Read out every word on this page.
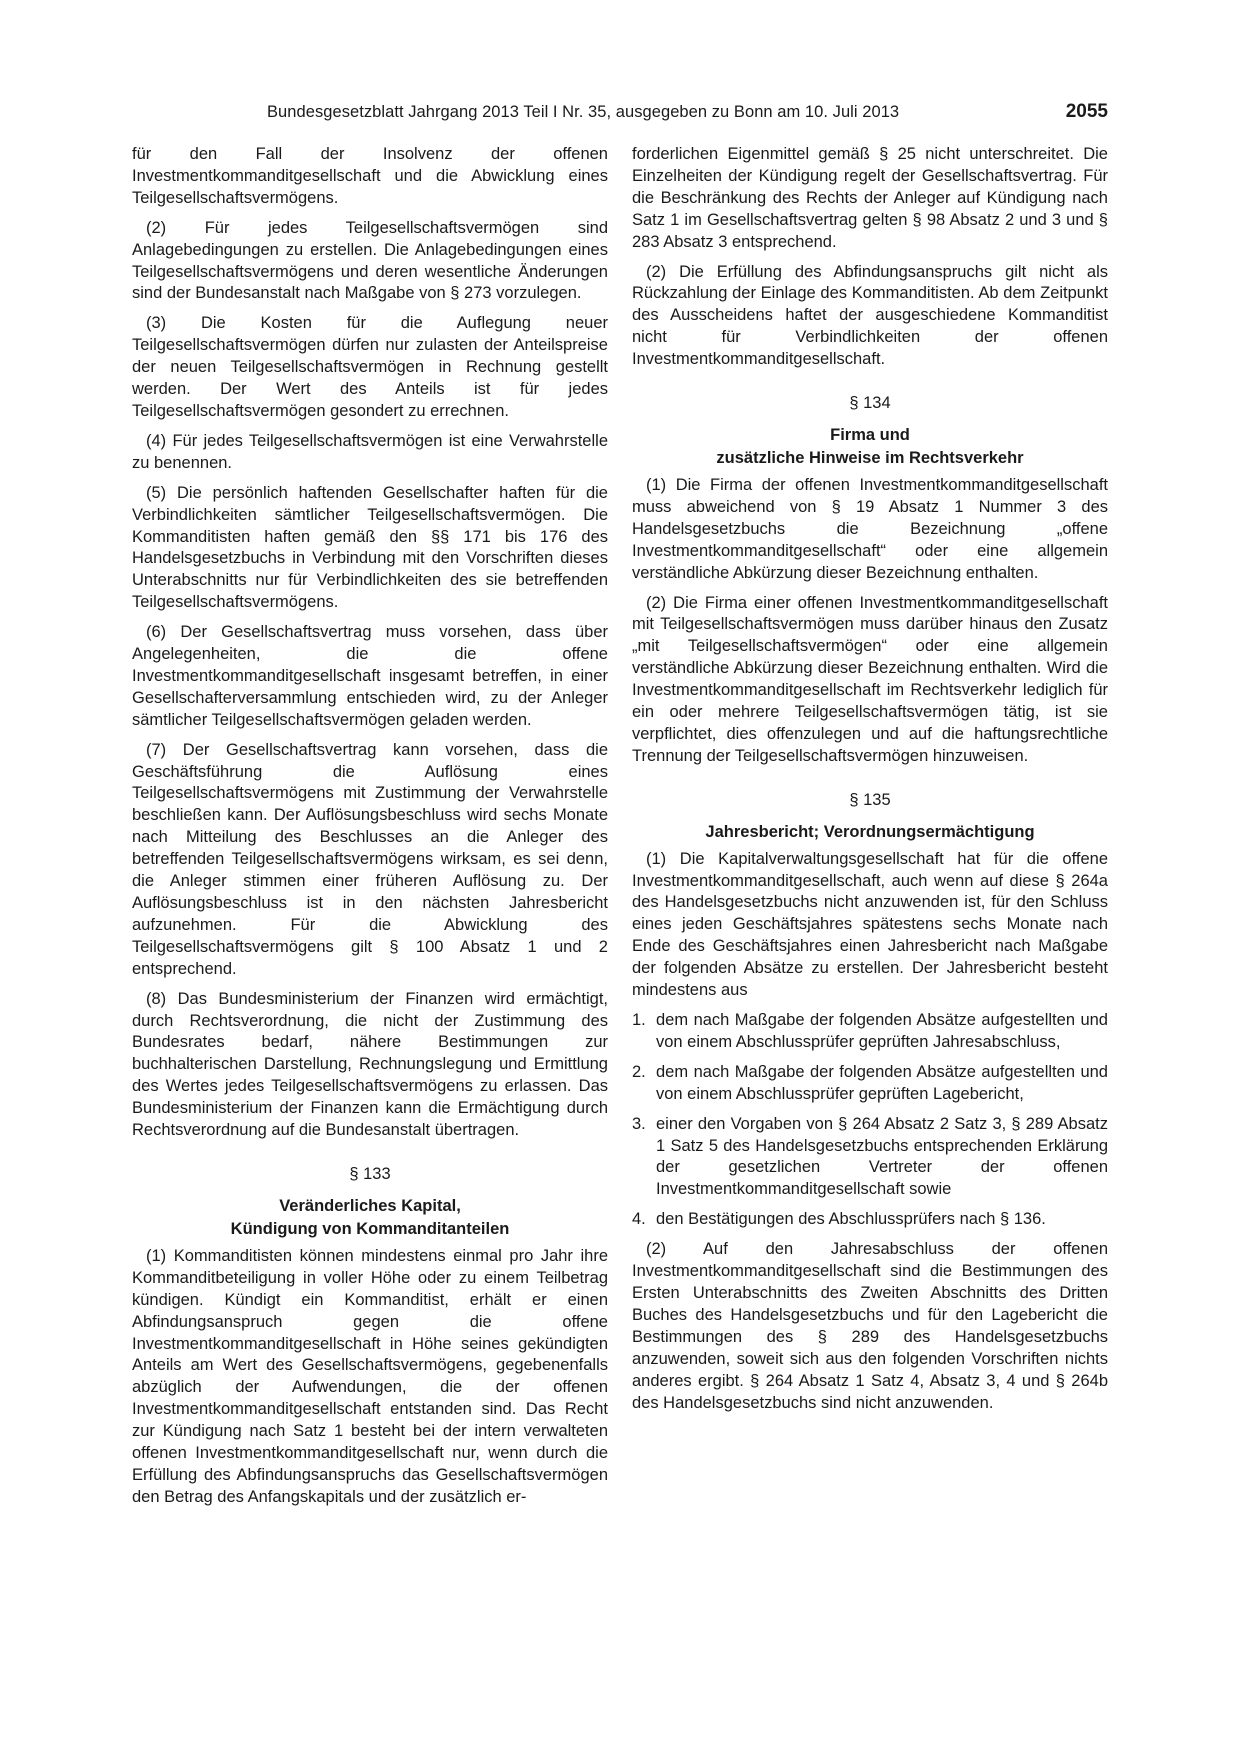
Bundesgesetzblatt Jahrgang 2013 Teil I Nr. 35, ausgegeben zu Bonn am 10. Juli 2013	2055

für den Fall der Insolvenz der offenen Investmentkommanditgesellschaft und die Abwicklung eines Teilgesellschaftsvermögens.

(2) Für jedes Teilgesellschaftsvermögen sind Anlagebedingungen zu erstellen. Die Anlagebedingungen eines Teilgesellschaftsvermögens und deren wesentliche Änderungen sind der Bundesanstalt nach Maßgabe von § 273 vorzulegen.

(3) Die Kosten für die Auflegung neuer Teilgesellschaftsvermögen dürfen nur zulasten der Anteilspreise der neuen Teilgesellschaftsvermögen in Rechnung gestellt werden. Der Wert des Anteils ist für jedes Teilgesellschaftsvermögen gesondert zu errechnen.

(4) Für jedes Teilgesellschaftsvermögen ist eine Verwahrstelle zu benennen.

(5) Die persönlich haftenden Gesellschafter haften für die Verbindlichkeiten sämtlicher Teilgesellschaftsvermögen. Die Kommanditisten haften gemäß den §§ 171 bis 176 des Handelsgesetzbuchs in Verbindung mit den Vorschriften dieses Unterabschnitts nur für Verbindlichkeiten des sie betreffenden Teilgesellschaftsvermögens.

(6) Der Gesellschaftsvertrag muss vorsehen, dass über Angelegenheiten, die die offene Investmentkommanditgesellschaft insgesamt betreffen, in einer Gesellschafterversammlung entschieden wird, zu der Anleger sämtlicher Teilgesellschaftsvermögen geladen werden.

(7) Der Gesellschaftsvertrag kann vorsehen, dass die Geschäftsführung die Auflösung eines Teilgesellschaftsvermögens mit Zustimmung der Verwahrstelle beschließen kann. Der Auflösungsbeschluss wird sechs Monate nach Mitteilung des Beschlusses an die Anleger des betreffenden Teilgesellschaftsvermögens wirksam, es sei denn, die Anleger stimmen einer früheren Auflösung zu. Der Auflösungsbeschluss ist in den nächsten Jahresbericht aufzunehmen. Für die Abwicklung des Teilgesellschaftsvermögens gilt § 100 Absatz 1 und 2 entsprechend.

(8) Das Bundesministerium der Finanzen wird ermächtigt, durch Rechtsverordnung, die nicht der Zustimmung des Bundesrates bedarf, nähere Bestimmungen zur buchhalterischen Darstellung, Rechnungslegung und Ermittlung des Wertes jedes Teilgesellschaftsvermögens zu erlassen. Das Bundesministerium der Finanzen kann die Ermächtigung durch Rechtsverordnung auf die Bundesanstalt übertragen.

§ 133
Veränderliches Kapital,
Kündigung von Kommanditanteilen

(1) Kommanditisten können mindestens einmal pro Jahr ihre Kommanditbeteiligung in voller Höhe oder zu einem Teilbetrag kündigen. Kündigt ein Kommanditist, erhält er einen Abfindungsanspruch gegen die offene Investmentkommanditgesellschaft in Höhe seines gekündigten Anteils am Wert des Gesellschaftsvermögens, gegebenenfalls abzüglich der Aufwendungen, die der offenen Investmentkommanditgesellschaft entstanden sind. Das Recht zur Kündigung nach Satz 1 besteht bei der intern verwalteten offenen Investmentkommanditgesellschaft nur, wenn durch die Erfüllung des Abfindungsanspruchs das Gesellschaftsvermögen den Betrag des Anfangskapitals und der zusätzlich er-

forderlichen Eigenmittel gemäß § 25 nicht unterschreitet. Die Einzelheiten der Kündigung regelt der Gesellschaftsvertrag. Für die Beschränkung des Rechts der Anleger auf Kündigung nach Satz 1 im Gesellschaftsvertrag gelten § 98 Absatz 2 und 3 und § 283 Absatz 3 entsprechend.

(2) Die Erfüllung des Abfindungsanspruchs gilt nicht als Rückzahlung der Einlage des Kommanditisten. Ab dem Zeitpunkt des Ausscheidens haftet der ausgeschiedene Kommanditist nicht für Verbindlichkeiten der offenen Investmentkommanditgesellschaft.

§ 134
Firma und
zusätzliche Hinweise im Rechtsverkehr

(1) Die Firma der offenen Investmentkommanditgesellschaft muss abweichend von § 19 Absatz 1 Nummer 3 des Handelsgesetzbuchs die Bezeichnung „offene Investmentkommanditgesellschaft“ oder eine allgemein verständliche Abkürzung dieser Bezeichnung enthalten.

(2) Die Firma einer offenen Investmentkommanditgesellschaft mit Teilgesellschaftsvermögen muss darüber hinaus den Zusatz „mit Teilgesellschaftsvermögen“ oder eine allgemein verständliche Abkürzung dieser Bezeichnung enthalten. Wird die Investmentkommanditgesellschaft im Rechtsverkehr lediglich für ein oder mehrere Teilgesellschaftsvermögen tätig, ist sie verpflichtet, dies offenzulegen und auf die haftungsrechtliche Trennung der Teilgesellschaftsvermögen hinzuweisen.

§ 135
Jahresbericht; Verordnungsermächtigung

(1) Die Kapitalverwaltungsgesellschaft hat für die offene Investmentkommanditgesellschaft, auch wenn auf diese § 264a des Handelsgesetzbuchs nicht anzuwenden ist, für den Schluss eines jeden Geschäftsjahres spätestens sechs Monate nach Ende des Geschäftsjahres einen Jahresbericht nach Maßgabe der folgenden Absätze zu erstellen. Der Jahresbericht besteht mindestens aus

1. dem nach Maßgabe der folgenden Absätze aufgestellten und von einem Abschlussprüfer geprüften Jahresabschluss,
2. dem nach Maßgabe der folgenden Absätze aufgestellten und von einem Abschlussprüfer geprüften Lagebericht,
3. einer den Vorgaben von § 264 Absatz 2 Satz 3, § 289 Absatz 1 Satz 5 des Handelsgesetzbuchs entsprechenden Erklärung der gesetzlichen Vertreter der offenen Investmentkommanditgesellschaft sowie
4. den Bestätigungen des Abschlussprüfers nach § 136.

(2) Auf den Jahresabschluss der offenen Investmentkommanditgesellschaft sind die Bestimmungen des Ersten Unterabschnitts des Zweiten Abschnitts des Dritten Buches des Handelsgesetzbuchs und für den Lagebericht die Bestimmungen des § 289 des Handelsgesetzbuchs anzuwenden, soweit sich aus den folgenden Vorschriften nichts anderes ergibt. § 264 Absatz 1 Satz 4, Absatz 3, 4 und § 264b des Handelsgesetzbuchs sind nicht anzuwenden.
